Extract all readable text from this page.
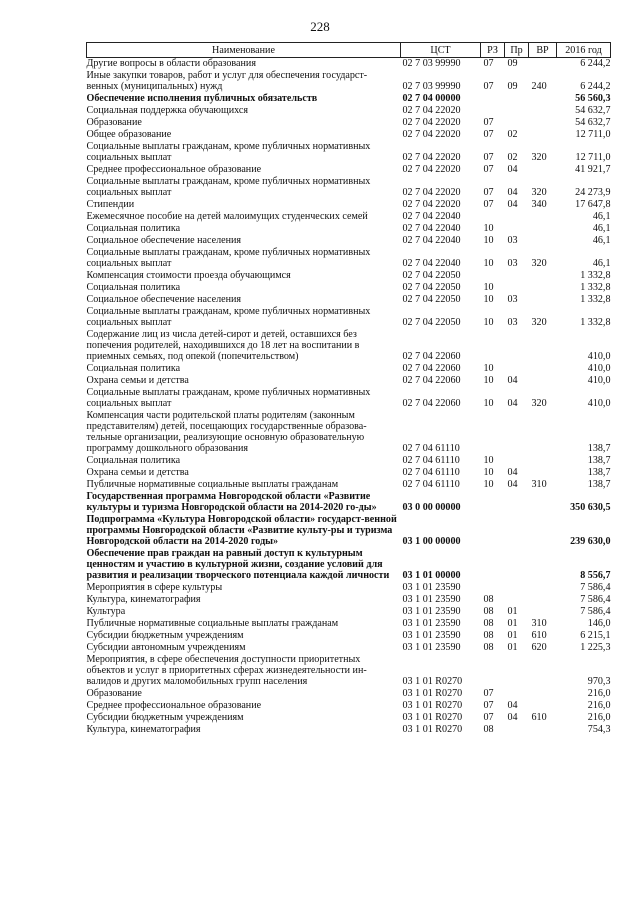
228
Наименование	ЦСТ	РЗ	Пр	ВР	2016 год
Другие вопросы в области образования	02 7 03 99990	07	09		6 244,2
Иные закупки товаров, работ и услуг для обеспечения государст-венных (муниципальных) нужд	02 7 03 99990	07	09	240	6 244,2
Обеспечение исполнения публичных обязательств	02 7 04 00000				56 560,3
Социальная поддержка обучающихся	02 7 04 22020				54 632,7
Образование	02 7 04 22020	07			54 632,7
Общее образование	02 7 04 22020	07	02		12 711,0
Социальные выплаты гражданам, кроме публичных нормативных социальных выплат	02 7 04 22020	07	02	320	12 711,0
Среднее профессиональное образование	02 7 04 22020	07	04		41 921,7
Социальные выплаты гражданам, кроме публичных нормативных социальных выплат	02 7 04 22020	07	04	320	24 273,9
Стипендии	02 7 04 22020	07	04	340	17 647,8
Ежемесячное пособие на детей малоимущих студенческих семей	02 7 04 22040				46,1
Социальная политика	02 7 04 22040	10			46,1
Социальное обеспечение населения	02 7 04 22040	10	03		46,1
Социальные выплаты гражданам, кроме публичных нормативных социальных выплат	02 7 04 22040	10	03	320	46,1
Компенсация стоимости проезда обучающимся	02 7 04 22050				1 332,8
Социальная политика	02 7 04 22050	10			1 332,8
Социальное обеспечение населения	02 7 04 22050	10	03		1 332,8
Социальные выплаты гражданам, кроме публичных нормативных социальных выплат	02 7 04 22050	10	03	320	1 332,8
Содержание лиц из числа детей-сирот и детей, оставшихся без попечения родителей, находившихся до 18 лет на воспитании в приемных семьях, под опекой (попечительством)	02 7 04 22060				410,0
Социальная политика	02 7 04 22060	10			410,0
Охрана семьи и детства	02 7 04 22060	10	04		410,0
Социальные выплаты гражданам, кроме публичных нормативных социальных выплат	02 7 04 22060	10	04	320	410,0
Компенсация части родительской платы родителям (законным представителям) детей, посещающих государственные образова-тельные организации, реализующие основную образовательную программу дошкольного образования	02 7 04 61110				138,7
Социальная политика	02 7 04 61110	10			138,7
Охрана семьи и детства	02 7 04 61110	10	04		138,7
Публичные нормативные социальные выплаты гражданам	02 7 04 61110	10	04	310	138,7
Государственная программа Новгородской области «Развитие культуры и туризма Новгородской области на 2014-2020 го-ды»	03 0 00 00000				350 630,5
Подпрограмма «Культура Новгородской области» государст-венной программы Новгородской области «Развитие культу-ры и туризма Новгородской области на 2014-2020 годы»	03 1 00 00000				239 630,0
Обеспечение прав граждан на равный доступ к культурным ценностям и участию в культурной жизни, создание условий для развития и реализации творческого потенциала каждой личности	03 1 01 00000				8 556,7
Мероприятия в сфере культуры	03 1 01 23590				7 586,4
Культура, кинематография	03 1 01 23590	08			7 586,4
Культура	03 1 01 23590	08	01		7 586,4
Публичные нормативные социальные выплаты гражданам	03 1 01 23590	08	01	310	146,0
Субсидии бюджетным учреждениям	03 1 01 23590	08	01	610	6 215,1
Субсидии автономным учреждениям	03 1 01 23590	08	01	620	1 225,3
Мероприятия, в сфере обеспечения доступности приоритетных объектов и услуг в приоритетных сферах жизнедеятельности ин-валидов и других маломобильных групп населения	03 1 01 R0270				970,3
Образование	03 1 01 R0270	07			216,0
Среднее профессиональное образование	03 1 01 R0270	07	04		216,0
Субсидии бюджетным учреждениям	03 1 01 R0270	07	04	610	216,0
Культура, кинематография	03 1 01 R0270	08			754,3
